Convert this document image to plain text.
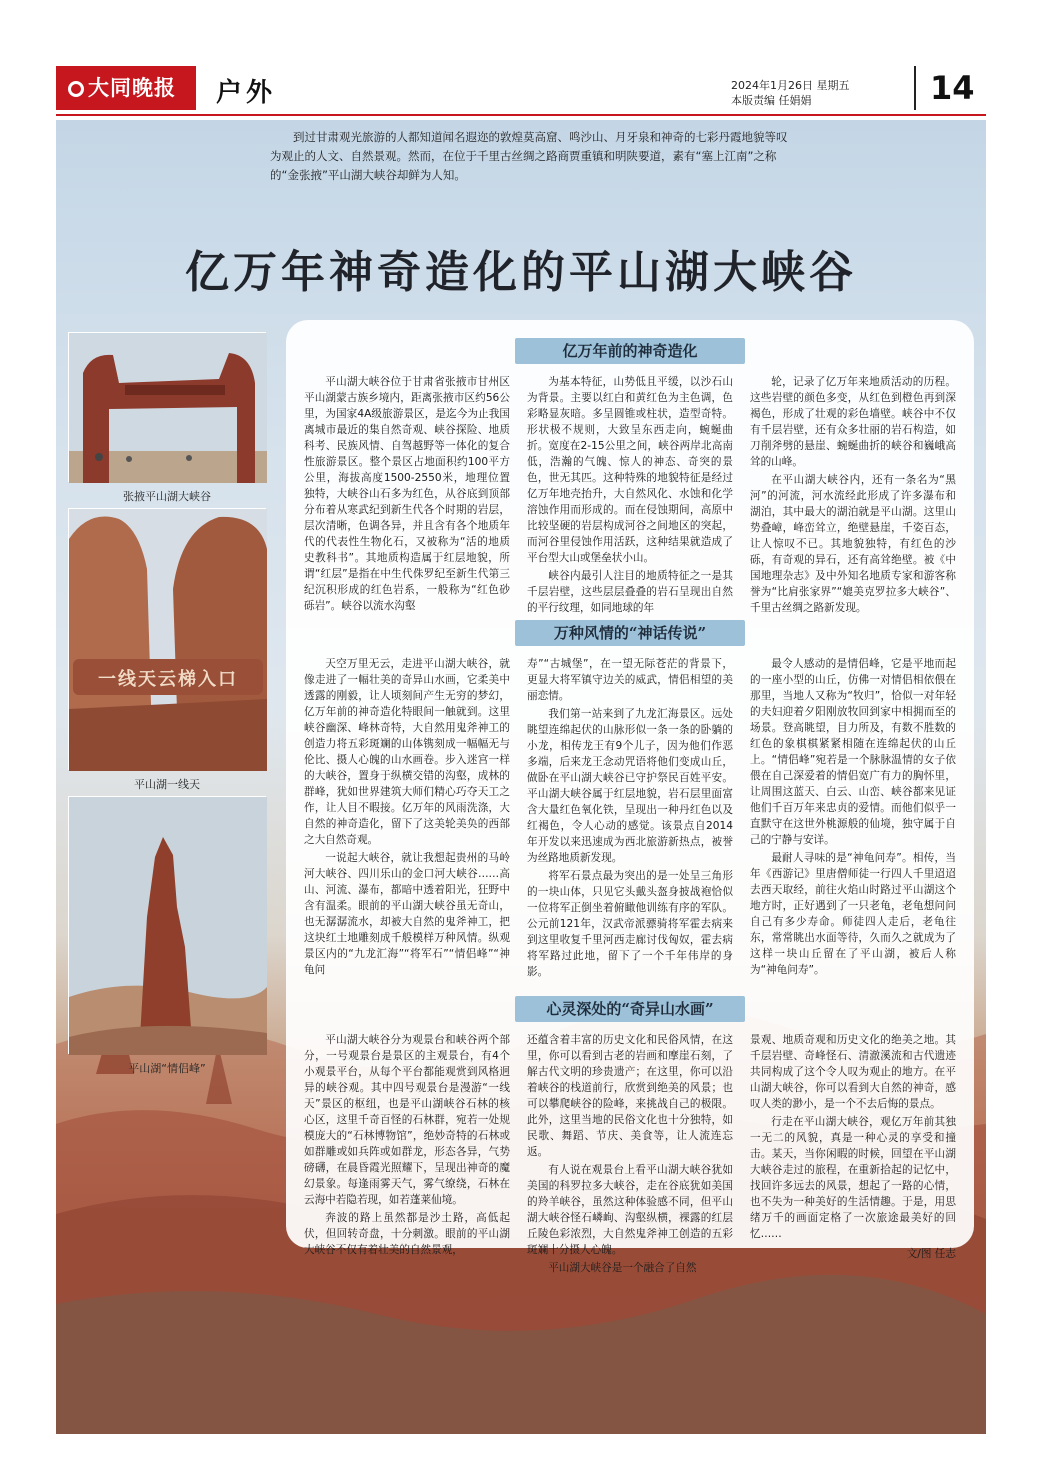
大同晚报	户外	2024年1月26日 星期五
本版责编 任娟娟	14

到过甘肃观光旅游的人都知道闻名遐迩的敦煌莫高窟、鸣沙山、月牙泉和神奇的七彩丹霞地貌等叹为观止的人文、自然景观。然而，在位于千里古丝绸之路商贾重镇和明陕要道，素有“塞上江南”之称的“金张掖”平山湖大峡谷却鲜为人知。

亿万年神奇造化的平山湖大峡谷
张掖平山湖大峡谷
一线天云梯入口
平山湖一线天
平山湖“情侣峰”
亿万年前的神奇造化

平山湖大峡谷位于甘肃省张掖市甘州区平山湖蒙古族乡境内，距离张掖市区约56公里，为国家4A级旅游景区，是迄今为止我国离城市最近的集自然奇观、峡谷探险、地质科考、民族风情、自驾越野等一体化的复合性旅游景区。整个景区占地面积约100平方公里，海拔高度1500-2550米，地理位置独特，大峡谷山石多为红色，从谷底到顶部分布着从寒武纪到新生代各个时期的岩层，层次清晰，色调各异，并且含有各个地质年代的代表性生物化石，又被称为“活的地质史教科书”。其地质构造属于红层地貌，所谓“红层”是指在中生代侏罗纪至新生代第三纪沉积形成的红色岩系，一般称为“红色砂砾岩”。峡谷以流水沟壑

为基本特征，山势低且平缓，以沙石山为背景。主要以红白和黄红色为主色调，色彩略显灰暗。多呈圆锥或柱状，造型奇特。形状极不规则，大致呈东西走向，蜿蜒曲折。宽度在2-15公里之间，峡谷两岸北高南低，浩瀚的气魄、惊人的神态、奇突的景色，世无其匹。这种特殊的地貌特征是经过亿万年地壳抬升，大自然风化、水蚀和化学溶蚀作用而形成的。而在侵蚀期间，高原中比较坚硬的岩层构成河谷之间地区的突起，而河谷里侵蚀作用活跃，这种结果就造成了平台型大山或堡垒状小山。

峡谷内最引人注目的地质特征之一是其千层岩壁，这些层层叠叠的岩石呈现出自然的平行纹理，如同地球的年

轮，记录了亿万年来地质活动的历程。这些岩壁的颜色多变，从红色到橙色再到深褐色，形成了壮观的彩色墙壁。峡谷中不仅有千层岩壁，还有众多壮丽的岩石构造，如刀削斧劈的悬崖、蜿蜒曲折的峡谷和巍峨高耸的山峰。

在平山湖大峡谷内，还有一条名为“黑河”的河流，河水流经此形成了许多瀑布和湖泊，其中最大的湖泊就是平山湖。这里山势叠嶂，峰峦耸立，绝壁悬崖，千姿百态，让人惊叹不已。其地貌独特，有红色的沙砾，有奇观的异石，还有高耸绝壁。被《中国地理杂志》及中外知名地质专家和游客称誉为“比肩张家界”“媲美克罗拉多大峡谷”、千里古丝绸之路新发现。

万种风情的“神话传说”

天空万里无云，走进平山湖大峡谷，就像走进了一幅壮美的奇异山水画，它柔美中透露的刚毅，让人顷刻间产生无穷的梦幻，亿万年前的神奇造化特眼间一触就到。这里峡谷幽深、峰林奇特，大自然用鬼斧神工的创造力将五彩斑斓的山体镌刻成一幅幅无与伦比、摄人心魄的山水画卷。步入迷宫一样的大峡谷，置身于纵横交错的沟壑，成林的群峰，犹如世界建筑大师们精心巧夺天工之作，让人目不暇接。亿万年的风雨洗涤，大自然的神奇造化，留下了这美轮美奂的西部之大自然奇观。

一说起大峡谷，就让我想起贵州的马岭河大峡谷、四川乐山的金口河大峡谷……高山、河流、瀑布，都暗中透着阳光，狂野中含有温柔。眼前的平山湖大峡谷虽无奇山，也无潺潺流水，却被大自然的鬼斧神工，把这块红土地雕刻成千般模样万种风情。纵观景区内的“九龙汇海”“将军石”“情侣峰”“神龟问

寿”“古城堡”，在一望无际苍茫的背景下，更显大将军镇守边关的威武，情侣相望的美丽恋情。

我们第一站来到了九龙汇海景区。远处眺望连绵起伏的山脉形似一条一条的卧躺的小龙，相传龙王有9个儿子，因为他们作恶多端，后来龙王念动咒语将他们变成山丘，做卧在平山湖大峡谷已守护祭民百姓平安。平山湖大峡谷属于红层地貌，岩石层里面富含大量红色氧化铁，呈现出一种丹红色以及红褐色，令人心动的感觉。该景点自2014年开发以来迅速成为西北旅游新热点，被誉为丝路地质新发现。

将军石景点最为突出的是一处呈三角形的一块山体，只见它头戴头盔身披战袍恰似一位将军正倒坐着俯瞰他训练有序的军队。公元前121年，汉武帝派骠骑将军霍去病来到这里收复千里河西走廊讨伐匈奴，霍去病将军路过此地，留下了一个千年伟岸的身影。

最令人感动的是情侣峰，它是平地而起的一座小型的山丘，仿佛一对情侣相依偎在那里，当地人又称为“牧归”，恰似一对年轻的夫妇迎着夕阳刚放牧回到家中相拥而至的场景。登高眺望，目力所及，有数不胜数的红色的象棋棋紧紧相随在连绵起伏的山丘上。“情侣峰”宛若是一个脉脉温情的女子依偎在自己深爱着的情侣宽广有力的胸怀里，让周围这蓝天、白云、山峦、峡谷都来见证他们千百万年来忠贞的爱情。而他们似乎一直默守在这世外桃源般的仙境，独守属于自己的宁静与安详。

最耐人寻味的是“神龟问寿”。相传，当年《西游记》里唐僧师徒一行四人千里迢迢去西天取经，前往火焰山时路过平山湖这个地方时，正好遇到了一只老龟，老龟想问问自己有多少寿命。师徒四人走后，老龟往东，常常眺出水面等待，久而久之就成为了这样一块山丘留在了平山湖，被后人称为“神龟问寿”。

心灵深处的“奇异山水画”

平山湖大峡谷分为观景台和峡谷两个部分，一号观景台是景区的主观景台，有4个小观景平台，从每个平台都能观赏到风格迥异的峡谷观。其中四号观景台是漫游“一线天”景区的枢纽，也是平山湖峡谷石林的核心区，这里千奇百怪的石林群，宛若一处规模庞大的“石林博物馆”，绝妙奇特的石林或如群雕或如兵阵或如群龙，形态各异，气势磅礴，在晨昏霞光照耀下，呈现出神奇的魔幻景象。每逢雨雾天气，雾气缭绕，石林在云海中若隐若现，如若蓬莱仙境。

奔波的路上虽然都是沙土路，高低起伏，但回转奇盘，十分刺激。眼前的平山湖大峡谷不仅有着壮美的自然景观，

还蕴含着丰富的历史文化和民俗风情，在这里，你可以看到古老的岩画和摩崖石刻，了解古代文明的珍贵遗产；在这里，你可以沿着峡谷的栈道前行，欣赏到绝美的风景；也可以攀爬峡谷的险峰，来挑战自己的极限。此外，这里当地的民俗文化也十分独特，如民歌、舞蹈、节庆、美食等，让人流连忘返。

有人说在观景台上看平山湖大峡谷犹如美国的科罗拉多大峡谷，走在谷底犹如美国的羚羊峡谷，虽然这种体验感不同，但平山湖大峡谷怪石嶙峋、沟壑纵横，裸露的红层丘陵色彩浓烈，大自然鬼斧神工创造的五彩斑斓十分摄人心魄。

平山湖大峡谷是一个融合了自然

景观、地质奇观和历史文化的绝美之地。其千层岩壁、奇峰怪石、清澈溪流和古代遗迹共同构成了这个令人叹为观止的地方。在平山湖大峡谷，你可以看到大自然的神奇，感叹人类的渺小，是一个不去后悔的景点。

行走在平山湖大峡谷，观亿万年前其独一无二的风貌，真是一种心灵的享受和撞击。某天，当你闲暇的时候，回望在平山湖大峡谷走过的旅程，在重新拾起的记忆中，找回许多远去的风景，想起了一路的心情，也不失为一种美好的生活情趣。于是，用思绪万千的画面定格了一次旅途最美好的回忆……

文/图 任志
